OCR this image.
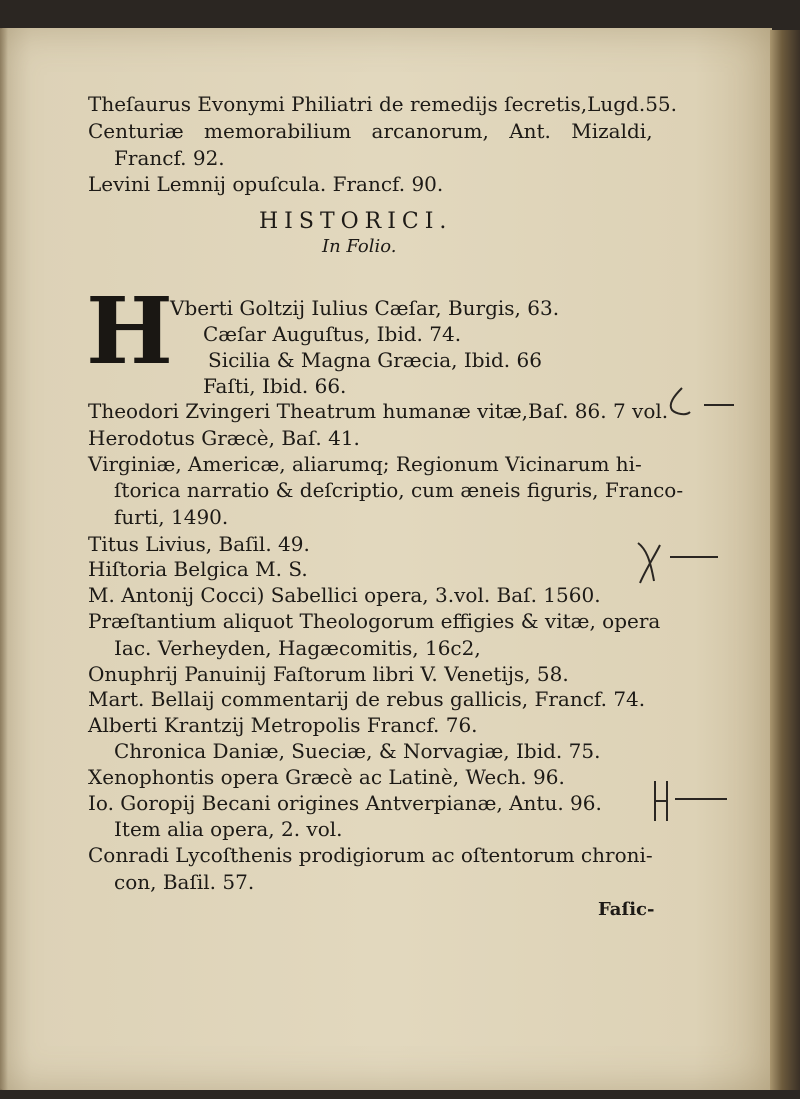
Theſaurus Evonymi Philiatri de remedijs ſecretis,Lugd.55.
Centuriæ memorabilium arcanorum, Ant. Mizaldi,
Francf. 92.
Levini Lemnij opuſcula. Francf. 90.
HISTORICI.
In Folio.
H
Vberti Goltzij Iulius Cæſar, Burgis, 63.
Cæſar Auguſtus, Ibid. 74.
Sicilia & Magna Græcia, Ibid. 66
Faſti, Ibid. 66.
Theodori Zvingeri Theatrum humanæ vitæ,Baſ. 86. 7 vol.
Herodotus Græcè, Baſ. 41.
Virginiæ, Americæ, aliarumq; Regionum Vicinarum hi-
ſtorica narratio & deſcriptio, cum æneis figuris, Franco-
furti, 1490.
Titus Livius, Baſil. 49.
Hiſtoria Belgica M. S.
M. Antonij Cocci) Sabellici opera, 3.vol. Baſ. 1560.
Præſtantium aliquot Theologorum effigies & vitæ, opera
Iac. Verheyden, Hagæcomitis, 16c2,
Onuphrij Panuinij Faſtorum libri V. Venetijs, 58.
Mart. Bellaij commentarij de rebus gallicis, Francf. 74.
Alberti Krantzij Metropolis Francf. 76.
Chronica Daniæ, Sueciæ, & Norvagiæ, Ibid. 75.
Xenophontis opera Græcè ac Latinè, Wech. 96.
Io. Goropij Becani origines Antverpianæ, Antu. 96.
Item alia opera, 2. vol.
Conradi Lycoſthenis prodigiorum ac oſtentorum chroni-
con, Baſil. 57.
Faſic-
